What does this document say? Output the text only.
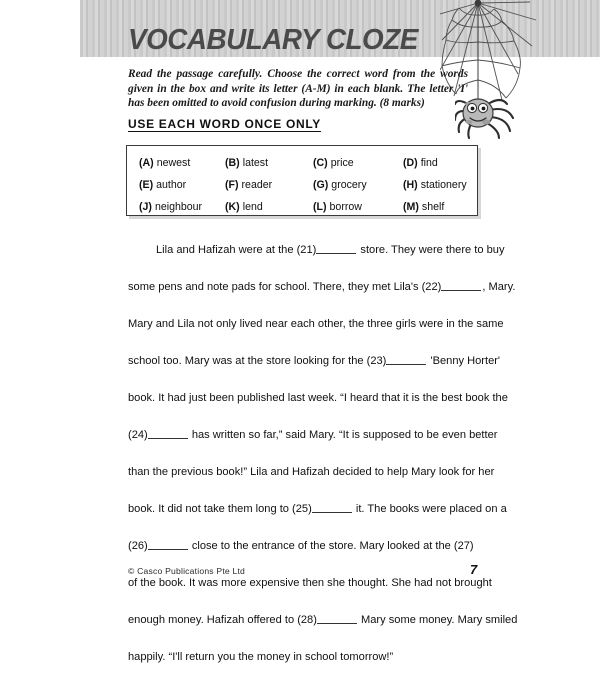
VOCABULARY CLOZE
Read the passage carefully. Choose the correct word from the words given in the box and write its letter (A-M) in each blank. The letter 'I' has been omitted to avoid confusion during marking. (8 marks)
USE EACH WORD ONCE ONLY
(A) newest	(B) latest	(C) price	(D) find
(E) author	(F) reader	(G) grocery	(H) stationery
(J) neighbour	(K) lend	(L) borrow	(M) shelf
Lila and Hafizah were at the (21)	store. They were there to buy
some pens and note pads for school. There, they met Lila's (22)	, Mary.
Mary and Lila not only lived near each other, the three girls were in the same
school too. Mary was at the store looking for the (23)	'Benny Horter'
book. It had just been published last week. “I heard that it is the best book the
(24)	has written so far,” said Mary. “It is supposed to be even better
than the previous book!” Lila and Hafizah decided to help Mary look for her
book. It did not take them long to (25)	it. The books were placed on a
(26)	close to the entrance of the store. Mary looked at the (27)
of the book. It was more expensive then she thought. She had not brought
enough money. Hafizah offered to (28)	Mary some money. Mary smiled
happily. “I'll return you the money in school tomorrow!”
© Casco Publications Pte Ltd	7
